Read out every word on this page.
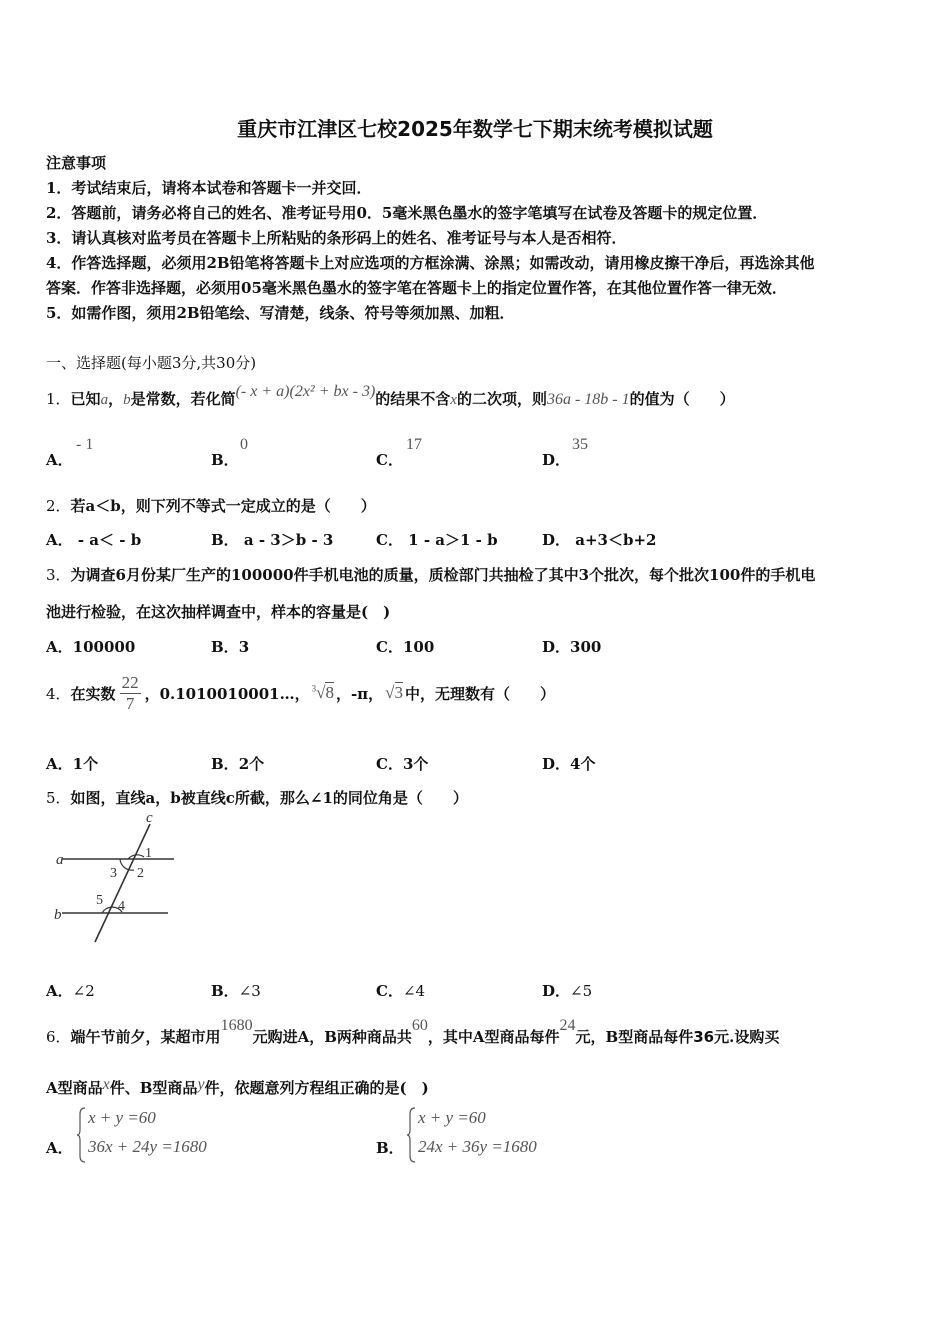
重庆市江津区七校2025年数学七下期末统考模拟试题
注意事项
1．考试结束后，请将本试卷和答题卡一并交回．
2．答题前，请务必将自己的姓名、准考证号用0．5毫米黑色墨水的签字笔填写在试卷及答题卡的规定位置．
3．请认真核对监考员在答题卡上所粘贴的条形码上的姓名、准考证号与本人是否相符．
4．作答选择题，必须用2B铅笔将答题卡上对应选项的方框涂满、涂黑；如需改动，请用橡皮擦干净后，再选涂其他
答案．作答非选择题，必须用05毫米黑色墨水的签字笔在答题卡上的指定位置作答，在其他位置作答一律无效．
5．如需作图，须用2B铅笔绘、写清楚，线条、符号等须加黑、加粗．
一、选择题(每小题3分,共30分)
1．已知a，b是常数，若化简(- x + a)(2x² + bx - 3)的结果不含x的二次项，则36a - 18b - 1的值为（　　）
A．
- 1
B．
0
C．
17
D．
35
2．若a＜b，则下列不等式一定成立的是（　　）
A． - a＜ - b	B． a - 3＞b - 3	C． 1 - a＞1 - b	D． a+3＜b+2
3．为调查6月份某厂生产的100000件手机电池的质量，质检部门共抽检了其中3个批次，每个批次100件的手机电
池进行检验，在这次抽样调查中，样本的容量是(　)
A．100000	B．3	C．100	D．300
4． 在实数 $\frac{22}{7}$ ，0.1010010001…， $^3$√8 ，-π， √3 中，无理数有（　　）
A．1个	B．2个	C．3个	D．4个
5．如图，直线a，b被直线c所截，那么∠1的同位角是（　　）
c
a
b
1
2
3
4
5
A．∠2	B．∠3	C．∠4	D．∠5
6．端午节前夕，某超市用1680元购进A，B两种商品共60，其中A型商品每件24元，B型商品每件36元.设购买
A型商品x件、B型商品y件，依题意列方程组正确的是(　)
A．
x + y =60
36x + 24y =1680	B．
x + y =60
24x + 36y =1680
